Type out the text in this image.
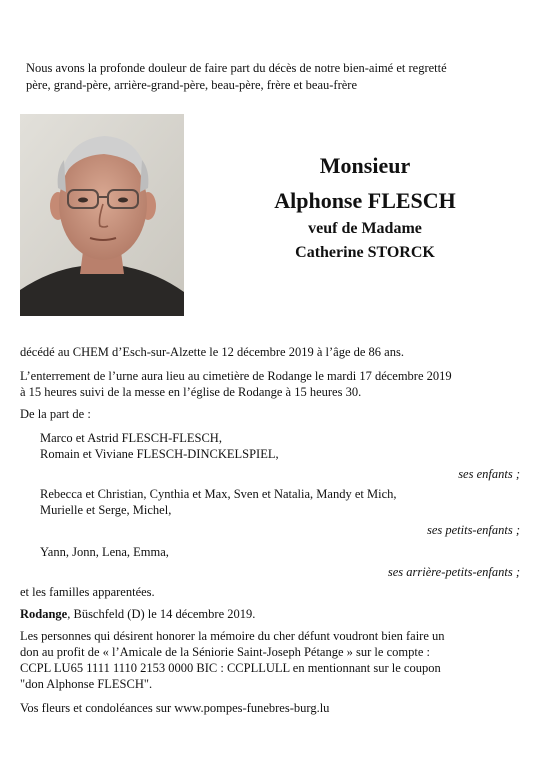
Nous avons la profonde douleur de faire part du décès de notre bien-aimé et regretté
père, grand-père, arrière-grand-père, beau-père, frère et beau-frère
Monsieur
Alphonse FLESCH
veuf de Madame
Catherine STORCK

décédé au CHEM d’Esch-sur-Alzette le 12 décembre 2019 à l’âge de 86 ans.

L’enterrement de l’urne aura lieu au cimetière de Rodange le mardi 17 décembre 2019

à 15 heures suivi de la messe en l’église de Rodange à 15 heures 30.

De la part de :

Marco et Astrid FLESCH-FLESCH,

Romain et Viviane FLESCH-DINCKELSPIEL,

ses enfants ;

Rebecca et Christian, Cynthia et Max, Sven et Natalia, Mandy et Mich,

Murielle et Serge, Michel,

ses petits-enfants ;

Yann, Jonn, Lena, Emma,

ses arrière-petits-enfants ;

et les familles apparentées.

Rodange, Büschfeld (D) le 14 décembre 2019.

Les personnes qui désirent honorer la mémoire du cher défunt voudront bien faire un

don au profit de « l’Amicale de la Séniorie Saint-Joseph Pétange » sur le compte :

CCPL LU65 1111 1110 2153 0000 BIC : CCPLLULL en mentionnant sur le coupon

"don Alphonse FLESCH".

Vos fleurs et condoléances sur www.pompes-funebres-burg.lu
